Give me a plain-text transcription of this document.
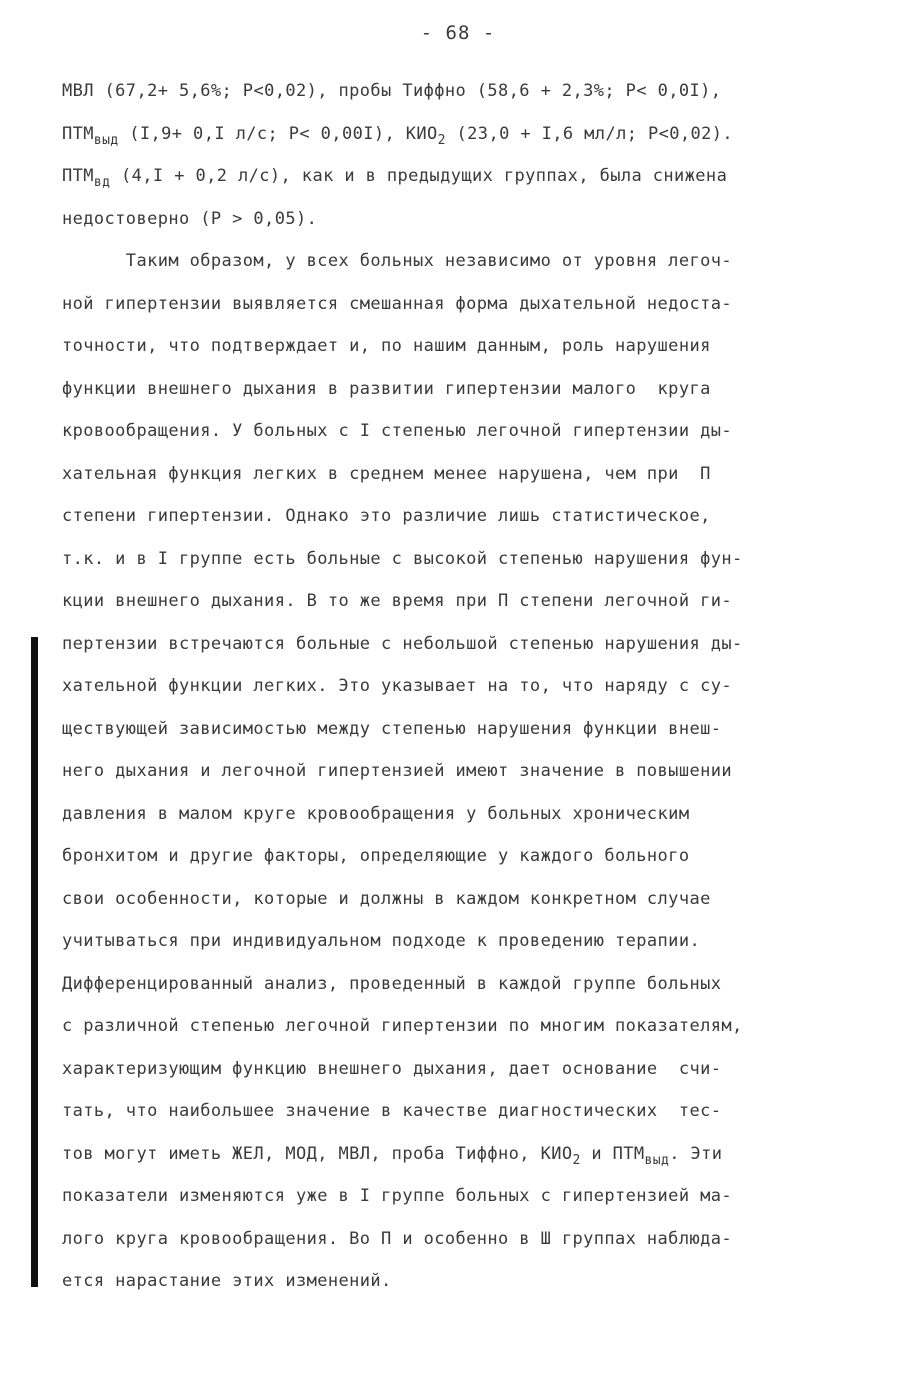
- 68 -
МВЛ (67,2+ 5,6%; P<0,02), пробы Тиффно (58,6 + 2,3%; P< 0,0I),
$ПТМ_{выд}$ (I,9+ 0,I л/с; P< 0,00I), $КИО_2$ (23,0 + I,6 мл/л; P<0,02).
$ПТМ_{вд}$ (4,I + 0,2 л/с), как и в предыдущих группах, была снижена
недостоверно (P > 0,05).
Таким образом, у всех больных независимо от уровня легоч-
ной гипертензии выявляется смешанная форма дыхательной недоста-
точности, что подтверждает и, по нашим данным, роль нарушения
функции внешнего дыхания в развитии гипертензии малого  круга
кровообращения. У больных с I степенью легочной гипертензии ды-
хательная функция легких в среднем менее нарушена, чем при  П
степени гипертензии. Однако это различие лишь статистическое,
т.к. и в I группе есть больные с высокой степенью нарушения фун-
кции внешнего дыхания. В то же время при П степени легочной ги-
пертензии встречаются больные с небольшой степенью нарушения ды-
хательной функции легких. Это указывает на то, что наряду с су-
ществующей зависимостью между степенью нарушения функции внеш-
него дыхания и легочной гипертензией имеют значение в повышении
давления в малом круге кровообращения у больных хроническим
бронхитом и другие факторы, определяющие у каждого больного
свои особенности, которые и должны в каждом конкретном случае
учитываться при индивидуальном подходе к проведению терапии.
Дифференцированный анализ, проведенный в каждой группе больных
с различной степенью легочной гипертензии по многим показателям,
характеризующим функцию внешнего дыхания, дает основание  счи-
тать, что наибольшее значение в качестве диагностических  тес-
тов могут иметь ЖЕЛ, МОД, МВЛ, проба Тиффно, $КИО_2$ и $ПТМ_{выд}$. Эти
показатели изменяются уже в I группе больных с гипертензией ма-
лого круга кровообращения. Во П и особенно в Ш группах наблюда-
ется нарастание этих изменений.
